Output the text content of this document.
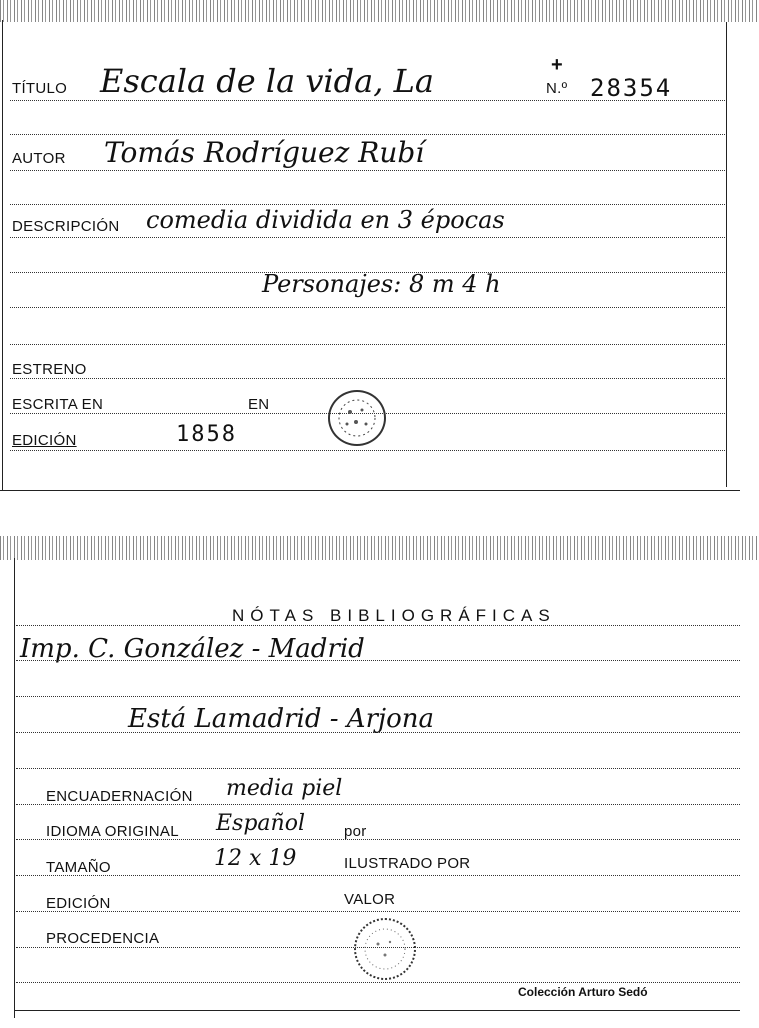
TÍTULO Escala de la vida, La	+
N.º 28354
AUTOR Tomás Rodríguez Rubí
DESCRIPCIÓN comedia dividida en 3 épocas
Personajes: 8 m 4 h
ESTRENO
ESCRITA EN	EN
EDICIÓN	1858
NÓTAS BIBLIOGRÁFICAS
Imp. C. González - Madrid
Está Lamadrid - Arjona
ENCUADERNACIÓN media piel
IDIOMA ORIGINAL Español	por
TAMAÑO	12 x 19	ILUSTRADO POR
EDICIÓN	VALOR
PROCEDENCIA
Colección Arturo Sedó
